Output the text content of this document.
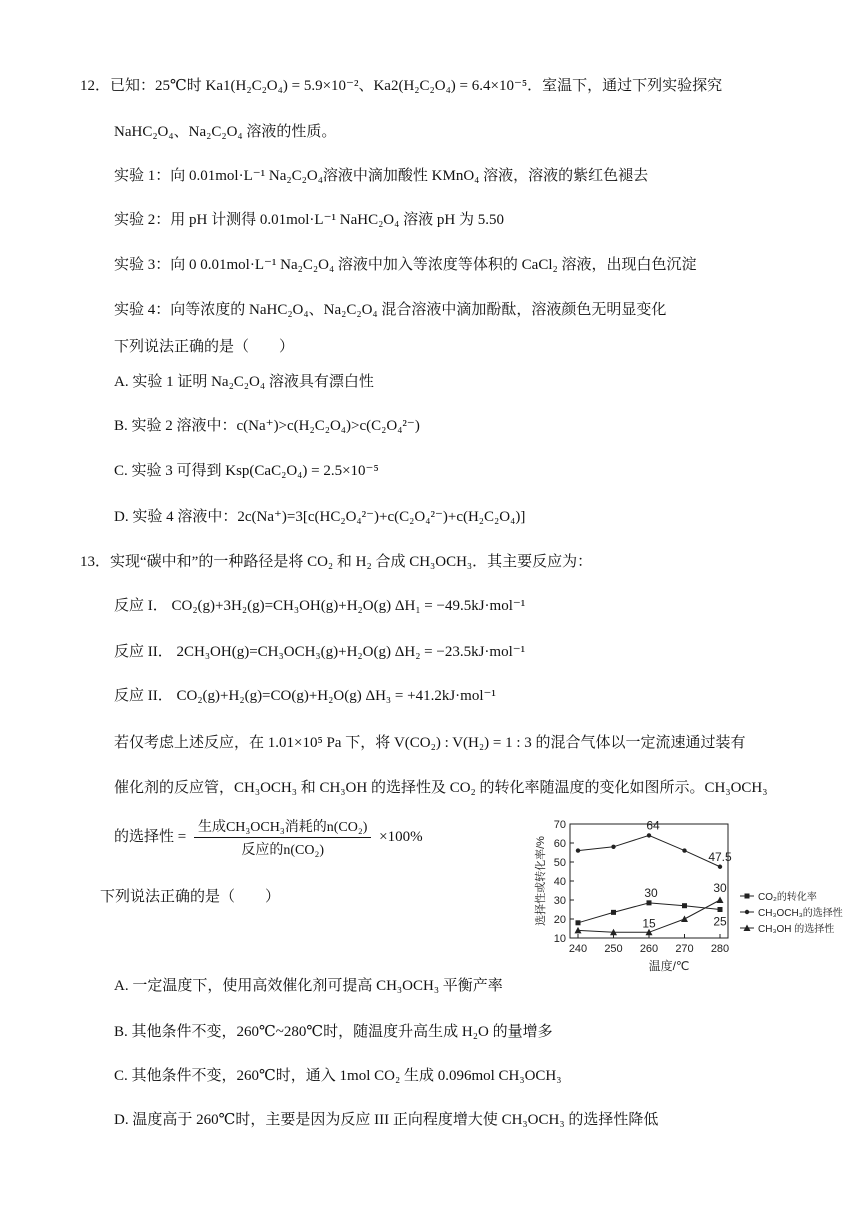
12．已知：25℃时 Ka1(H₂C₂O₄) = 5.9×10⁻²、Ka2(H₂C₂O₄) = 6.4×10⁻⁵．室温下，通过下列实验探究
NaHC₂O₄、Na₂C₂O₄ 溶液的性质。
实验 1：向 0.01mol·L⁻¹ Na₂C₂O₄溶液中滴加酸性 KMnO₄ 溶液，溶液的紫红色褪去
实验 2：用 pH 计测得 0.01mol·L⁻¹ NaHC₂O₄ 溶液 pH 为 5.50
实验 3：向 0 0.01mol·L⁻¹ Na₂C₂O₄ 溶液中加入等浓度等体积的 CaCl₂ 溶液，出现白色沉淀
实验 4：向等浓度的 NaHC₂O₄、Na₂C₂O₄ 混合溶液中滴加酚酞，溶液颜色无明显变化
下列说法正确的是（　　）
A. 实验 1 证明 Na₂C₂O₄ 溶液具有漂白性
B. 实验 2 溶液中：c(Na⁺)>c(H₂C₂O₄)>c(C₂O₄²⁻)
C. 实验 3 可得到 Ksp(CaC₂O₄) = 2.5×10⁻⁵
D. 实验 4 溶液中：2c(Na⁺)=3[c(HC₂O₄²⁻)+c(C₂O₄²⁻)+c(H₂C₂O₄)]
13．实现“碳中和”的一种路径是将 CO₂ 和 H₂ 合成 CH₃OCH₃．其主要反应为：
反应 I． CO₂(g)+3H₂(g)=CH₃OH(g)+H₂O(g) ΔH₁ = −49.5kJ·mol⁻¹
反应 II． 2CH₃OH(g)=CH₃OCH₃(g)+H₂O(g) ΔH₂ = −23.5kJ·mol⁻¹
反应 II． CO₂(g)+H₂(g)=CO(g)+H₂O(g) ΔH₃ = +41.2kJ·mol⁻¹
若仅考虑上述反应，在 1.01×10⁵ Pa 下，将 V(CO₂) : V(H₂) = 1 : 3 的混合气体以一定流速通过装有
催化剂的反应管，CH₃OCH₃ 和 CH₃OH 的选择性及 CO₂ 的转化率随温度的变化如图所示。CH₃OCH₃
的选择性 = $\frac{\text{生成CH₃OCH₃消耗的n(CO₂)}}{\text{反应的n(CO₂)}} \times 100\%$
下列说法正确的是（　　）
A. 一定温度下，使用高效催化剂可提高 CH₃OCH₃ 平衡产率
B. 其他条件不变，260℃~280℃时，随温度升高生成 H₂O 的量增多
C. 其他条件不变，260℃时，通入 1mol CO₂ 生成 0.096mol CH₃OCH₃
D. 温度高于 260℃时，主要是因为反应 III 正向程度增大使 CH₃OCH₃ 的选择性降低
10
20
30
40
50
60
70
240 250 260 270 280
温度/℃
选择性或转化率/%	CO₂的转化率
CH₃OCH₃的选择性
CH₃OH 的选择性
64
47.5
30	30
15	25
